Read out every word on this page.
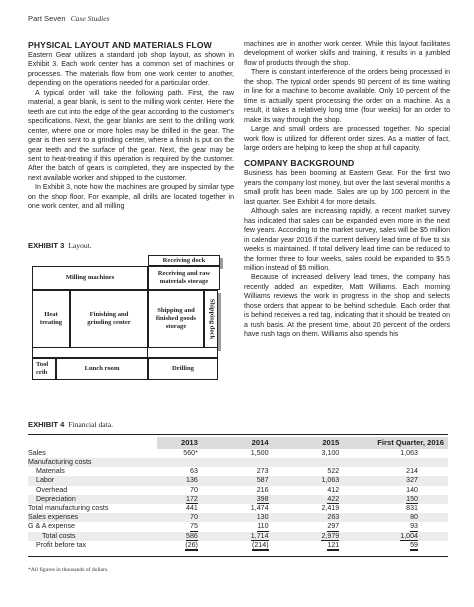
Part Seven Case Studies
PHYSICAL LAYOUT AND MATERIALS FLOW

Eastern Gear utilizes a standard job shop layout, as shown in Exhibit 3. Each work center has a common set of machines or processes. The materials flow from one work center to another, depending on the operations needed for a particular order.

A typical order will take the following path. First, the raw material, a gear blank, is sent to the milling work center. Here the teeth are cut into the edge of the gear according to the customer's specifications. Next, the gear blanks are sent to the drilling work center, where one or more holes may be drilled in the gear. The gear is then sent to a grinding center, where a finish is put on the gear teeth and the surface of the gear. Next, the gear may be sent to heat-treating if this operation is required by the customer. After the batch of gears is completed, they are inspected by the next available worker and shipped to the customer.

In Exhibit 3, note how the machines are grouped by similar type on the shop floor. For example, all drills are located together in one work center, and all milling

machines are in another work center. While this layout facilitates development of worker skills and training, it results in a jumbled flow of products through the shop.

There is constant interference of the orders being processed in the shop. The typical order spends 90 percent of its time waiting in line for a machine to become available. Only 10 percent of the time is actually spent processing the order on a machine. As a result, it takes a relatively long time (four weeks) for an order to make its way through the shop.

Large and small orders are processed together. No special work flow is utilized for different order sizes. As a matter of fact, large orders are helping to keep the shop at full capacity.

COMPANY BACKGROUND

Business has been booming at Eastern Gear. For the first two years the company lost money, but over the last several months a small profit has been made. Sales are up by 100 percent in the last quarter. See Exhibit 4 for more details.

Although sales are increasing rapidly, a recent market survey has indicated that sales can be expanded even more in the next few years. According to the market survey, sales will be $5 million in calendar year 2016 if the current delivery lead time of five to six weeks is maintained. If total delivery lead time can be reduced to the former three to four weeks, sales could be expanded to $5.5 million instead of $5 million.

Because of increased delivery lead times, the company has recently added an expediter, Matt Williams. Each morning Williams reviews the work in progress in the shop and selects those orders that appear to be behind schedule. Each order that is behind receives a red tag, indicating that it should be treated on a rush basis. At the present time, about 20 percent of the orders have rush tags on them. Williams also spends his

EXHIBIT 3 Layout.
Receiving dock
Milling machines
Receiving and raw materials storage
Heat treating
Finishing and grinding center
Shipping and finished goods storage	Shipping dock
Tool crib
Lunch room	Drilling
EXHIBIT 4 Financial data.
	2013	2014	2015	First Quarter, 2016
Sales	560*	1,500	3,100	1,063
Manufacturing costs				
Materials	63	273	522	214
Labor	136	587	1,063	327
Overhead	70	216	412	140
Depreciation	172	398	422	150
Total manufacturing costs	441	1,474	2,419	831
Sales expenses	70	130	263	80
G & A expense	75	110	297	93
Total costs	586	1,714	2,979	1,004
Profit before tax	(26)	(214)	121	59
*All figures in thousands of dollars.
